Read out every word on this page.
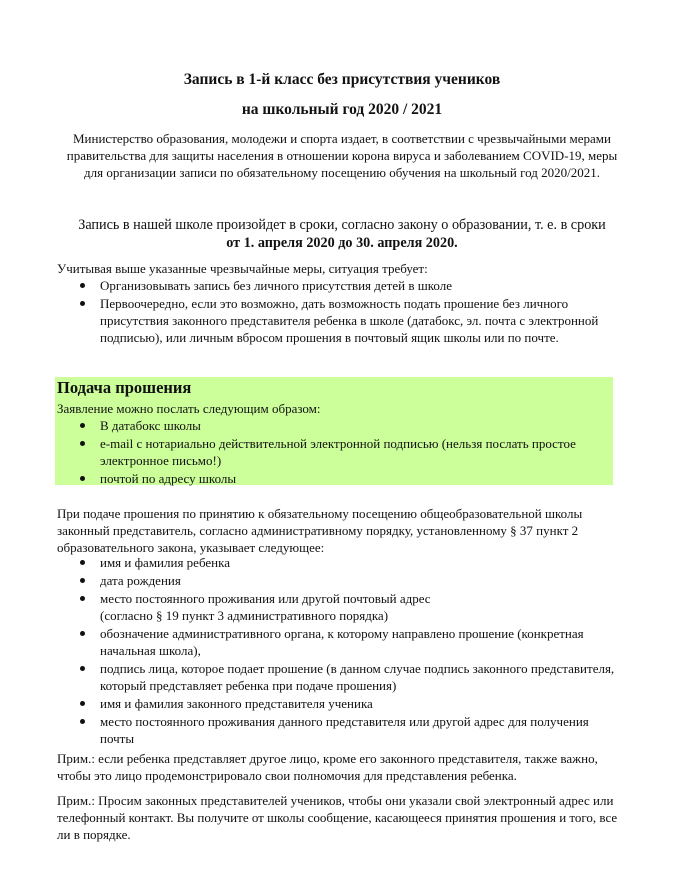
Запись в 1-й класс без присутствия учеников
на школьный год 2020 / 2021
Министерство образования, молодежи и спорта издает, в соответствии с чрезвычайными мерами правительства для защиты населения в отношении корона вируса и заболеванием COVID-19, меры для организации записи по обязательному посещению обучения на школьный год 2020/2021.
Запись в нашей школе произойдет в сроки, согласно закону о образовании, т. е. в сроки
от 1. апреля 2020 до 30. апреля 2020.
Учитывая выше указанные чрезвычайные меры, ситуация требует:
Организовывать запись без личного присутствия детей в школе
Первоочередно, если это возможно, дать возможность подать прошение без личного присутствия законного представителя ребенка в школе (датабокс, эл. почта с электронной подписью), или личным вбросом прошения в почтовый ящик школы или по почте.
Подача прошения
Заявление можно послать следующим образом:
В датабокс школы
e-mail с нотариально действительной электронной подписью (нельзя послать простое электронное письмо!)
почтой по адресу школы
При подаче прошения по принятию к обязательному посещению общеобразовательной школы законный представитель, согласно административному порядку, установленному § 37 пункт 2 образовательного закона, указывает следующее:
имя и фамилия ребенка
дата рождения
место постоянного проживания или другой почтовый адрес
(согласно § 19 пункт 3 административного порядка)
обозначение административного органа, к которому направлено прошение (конкретная начальная школа),
подпись лица, которое подает прошение (в данном случае подпись законного представителя, который представляет ребенка при подаче прошения)
имя и фамилия законного представителя ученика
место постоянного проживания данного представителя или другой адрес для получения почты
Прим.: если ребенка представляет другое лицо, кроме его законного представителя, также важно, чтобы это лицо продемонстрировало свои полномочия для представления ребенка.
Прим.: Просим законных представителей учеников, чтобы они указали свой электронный адрес или телефонный контакт. Вы получите от школы сообщение, касающееся принятия прошения и того, все ли в порядке.
